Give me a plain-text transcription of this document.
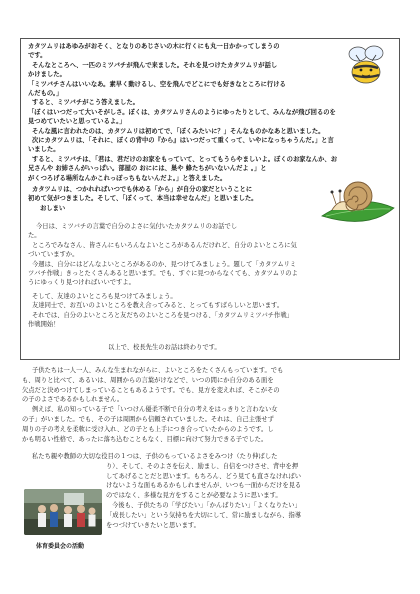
カタツムリはあゆみがおそく、となりのあじさいの木に行くにも丸一日かかってしまうの
です。
そんなところへ、一匹のミツバチが飛んで来ました。それを見つけたカタツムリが話し
かけました。
「ミツバチさんはいいなあ。素早く動けるし、空を飛んでどこにでも好きなところに行ける
んだもの。」
すると、ミツバチがこう答えました。
「ぼくはいつだって大いそがしさ。ぼくは、カタツムリさんのようにゆったりとして、みんなが飛び回るのを
見つめていたいと思っているよ。」
そんな風に言われたのは、カタツムリは初めてで、「ぼくみたいに？」そんなものかなあと思いました。
次にカタツムリは、「それに、ぼくの背中の『から』はいつだって重くって、いやになっちゃうんだ。」と言
いました。
すると、ミツバチは、「君は、君だけのお家をもっていて、とってもうらやましいよ。ぼくのお家なんか、お
兄さんや お姉さんがいっぱい。部屋の おにには、巣や 蜂たちがいないんだよ 。」と
がくつろげる場所なんかこれっぽっちもないんだよ。」と答えました。
カタツムリは、つかれればいつでも休める「から」が自分の家だということに
初めて気がつきました。そして、「ぼくって、本当は幸せなんだ」と思いました。
おしまい
今日は、ミツバチの言葉で自分のよさに気付いたカタツムリのお話でし
た。
ところでみなさん、皆さんにもいろんなよいところがあるんだけれど、自分のよいところに気
づいていますか。
今週は、自分にはどんなよいところがあるのか、見つけてみましょう。題して「カタツムリミ
ツバチ作戦」きっとたくさんあると思います。でも、すぐに見つからなくても、カタツムリのよ
うにゆっくり見つければいいですよ。
そして、友達のよいところも見つけてみましょう。
友達同士で、お互いのよいところを教え合ってみると、とってもすばらしいと思います。
それでは、自分のよいところと友だちのよいところを見つける、「カタツムリミツバチ作戦」
作戦開始！
子供たちは一人一人、みんな生まれながらに、よいところをたくさんもっています。でも
も、周りと比べて、あるいは、周囲からの言葉がけなどで、いつの間にか自分のある面を
欠点だと決めつけてしまっていることもあるようです。でも、見方を変えれば、そこがその
の子のよさであるかもしれません。
例えば、私の知っている子で「いつけん優柔不断で自分の考えをはっきりと言わない女
の子」がいました。でも、その子は周囲から信頼されていました。それは、自己主張せず
周りの子の考えを柔軟に受け入れ、どの子とも上手につき合っていたからのようです。し
かも明るい性格で、あったに落ち込むこともなく、目標に向けて努力できる子でした。
私たち親や教師の大切な役目の１つは、子供のもっているよさをみつけ（たり伸ばした
り）、そして、そのよさを伝え、励まし、自信をつけさせ、背中を押
してあげることだと思います。もちろん、どう見ても直さなければい
けないような面もあるかもしれませんが、いつも一面からだけを見る
のではなく、多様な見方をすることが必要なように思います。
今後も、子供たちの「学びたい」「かんばりたい」「よくなりたい」
「成長したい」という気持ちを大切にして、常に励ましながら、指導
をつづけていきたいと思います。
以上で、校長先生のお話は終わりです。
体育委員会の活動
